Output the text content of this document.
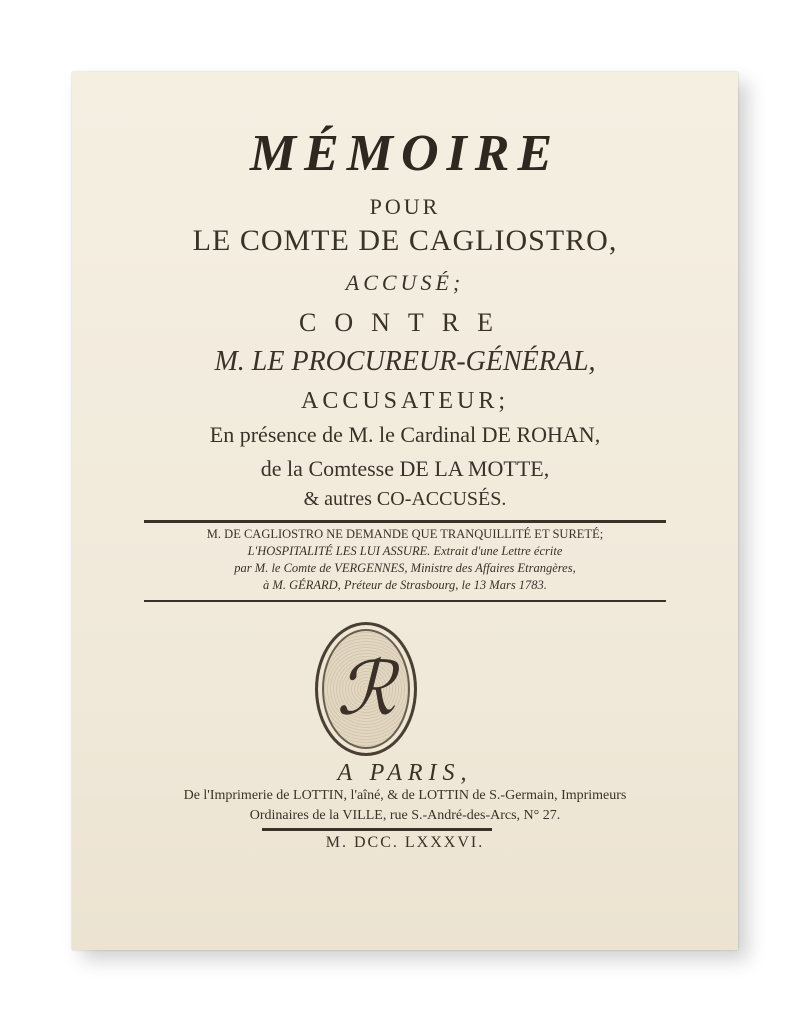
MÉMOIRE
POUR
LE COMTE DE CAGLIOSTRO,
ACCUSÉ;
CONTRE
M. LE PROCUREUR-GÉNÉRAL,
ACCUSATEUR;
En présence de M. le Cardinal DE ROHAN,
de la Comtesse DE LA MOTTE,
& autres CO-ACCUSÉS.
M. DE CAGLIOSTRO NE DEMANDE QUE TRANQUILLITÉ ET SURETÉ;
L'HOSPITALITÉ LES LUI ASSURE. Extrait d'une Lettre écrite
par M. le Comte de VERGENNES, Ministre des Affaires Etrangères,
à M. GÉRARD, Préteur de Strasbourg, le 13 Mars 1783.
ℛ
A PARIS,
De l'Imprimerie de LOTTIN, l'aîné, & de LOTTIN de S.-Germain, Imprimeurs
Ordinaires de la VILLE, rue S.-André-des-Arcs, N° 27.
M. DCC. LXXXVI.
